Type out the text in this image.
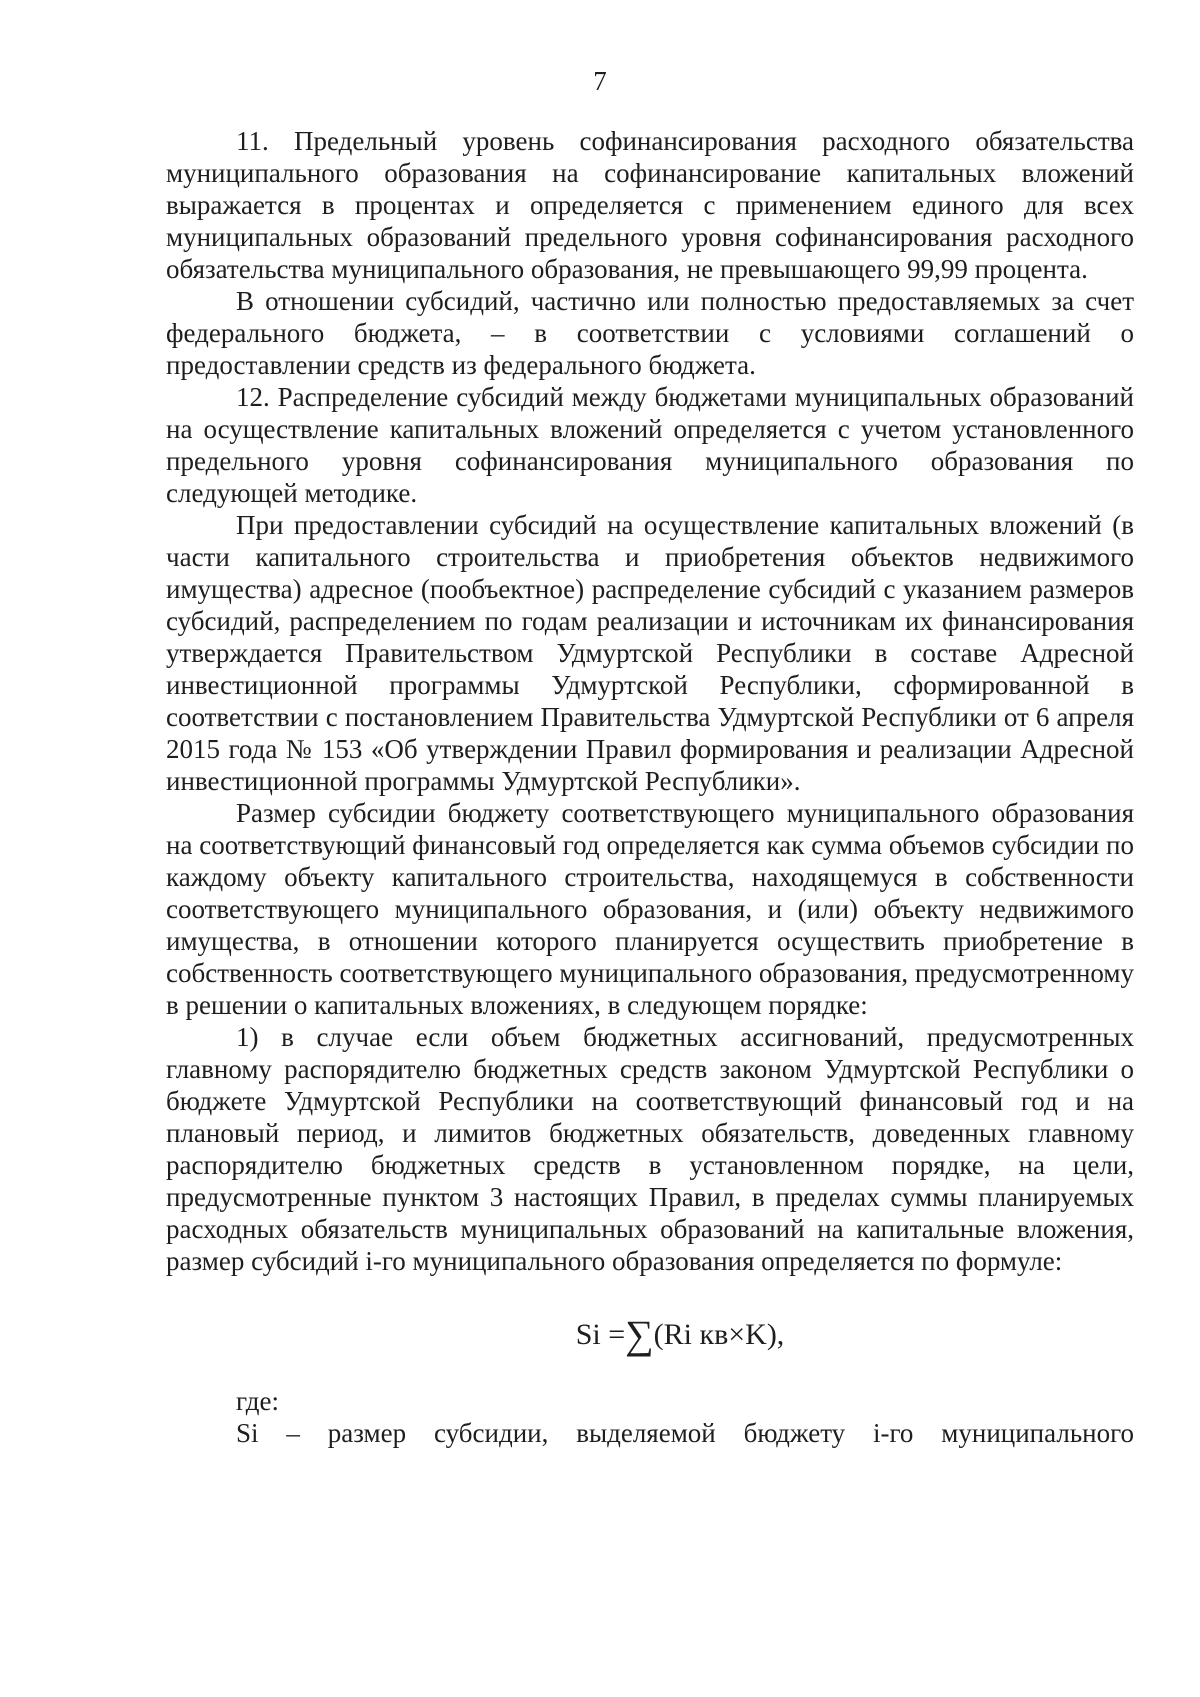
7

11. Предельный уровень софинансирования расходного обязательства муниципального образования на софинансирование капитальных вложений выражается в процентах и определяется с применением единого для всех муниципальных образований предельного уровня софинансирования расходного обязательства муниципального образования, не превышающего 99,99 процента.

В отношении субсидий, частично или полностью предоставляемых за счет федерального бюджета, – в соответствии с условиями соглашений о предоставлении средств из федерального бюджета.

12. Распределение субсидий между бюджетами муниципальных образований на осуществление капитальных вложений определяется с учетом установленного предельного уровня софинансирования муниципального образования по следующей методике.

При предоставлении субсидий на осуществление капитальных вложений (в части капитального строительства и приобретения объектов недвижимого имущества) адресное (пообъектное) распределение субсидий с указанием размеров субсидий, распределением по годам реализации и источникам их финансирования утверждается Правительством Удмуртской Республики в составе Адресной инвестиционной программы Удмуртской Республики, сформированной в соответствии с постановлением Правительства Удмуртской Республики от 6 апреля 2015 года № 153 «Об утверждении Правил формирования и реализации Адресной инвестиционной программы Удмуртской Республики».

Размер субсидии бюджету соответствующего муниципального образования на соответствующий финансовый год определяется как сумма объемов субсидии по каждому объекту капитального строительства, находящемуся в собственности соответствующего муниципального образования, и (или) объекту недвижимого имущества, в отношении которого планируется осуществить приобретение в собственность соответствующего муниципального образования, предусмотренному в решении о капитальных вложениях, в следующем порядке:

1) в случае если объем бюджетных ассигнований, предусмотренных главному распорядителю бюджетных средств законом Удмуртской Республики о бюджете Удмуртской Республики на соответствующий финансовый год и на плановый период, и лимитов бюджетных обязательств, доведенных главному распорядителю бюджетных средств в установленном порядке, на цели, предусмотренные пунктом 3 настоящих Правил, в пределах суммы планируемых расходных обязательств муниципальных образований на капитальные вложения, размер субсидий i-го муниципального образования определяется по формуле:

Si =∑(Ri кв×K),

где:

Si – размер субсидии, выделяемой бюджету i-го муниципального
